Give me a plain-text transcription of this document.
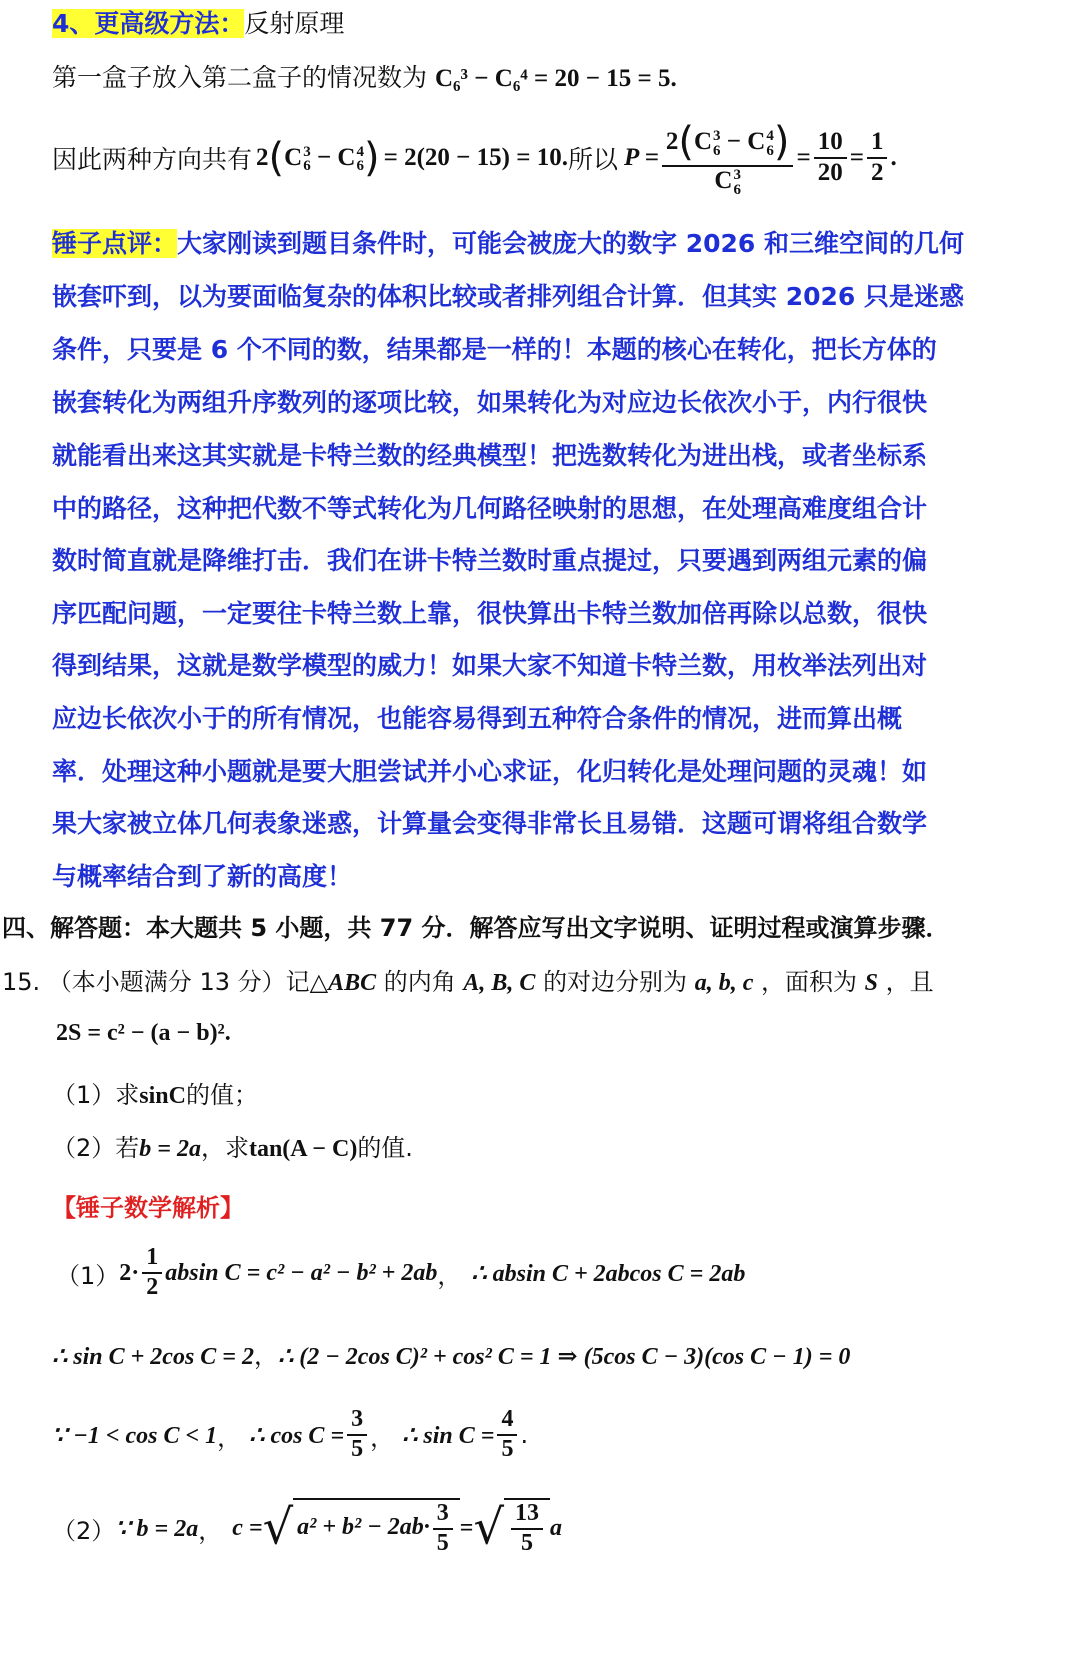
4、更高级方法：反射原理
第一盒子放入第二盒子的情况数为 C₆³ − C₆⁴ = 20 − 15 = 5.
因此两种方向共有 2(C 3
6 − C 4
6 ) = 2(20 − 15) = 10. 所以 P = 2(C 3
6 − C 4
6 )
C 3
$6 = \frac{10}{20} = \frac{1}{2}$ .
锤子点评：大家刚读到题目条件时，可能会被庞大的数字 2026 和三维空间的几何
嵌套吓到，以为要面临复杂的体积比较或者排列组合计算．但其实 2026 只是迷惑
条件，只要是 6 个不同的数，结果都是一样的！本题的核心在转化，把长方体的
嵌套转化为两组升序数列的逐项比较，如果转化为对应边长依次小于，内行很快
就能看出来这其实就是卡特兰数的经典模型！把选数转化为进出栈，或者坐标系
中的路径，这种把代数不等式转化为几何路径映射的思想，在处理高难度组合计
数时简直就是降维打击．我们在讲卡特兰数时重点提过，只要遇到两组元素的偏
序匹配问题，一定要往卡特兰数上靠，很快算出卡特兰数加倍再除以总数，很快
得到结果，这就是数学模型的威力！如果大家不知道卡特兰数，用枚举法列出对
应边长依次小于的所有情况，也能容易得到五种符合条件的情况，进而算出概
率．处理这种小题就是要大胆尝试并小心求证，化归转化是处理问题的灵魂！如
果大家被立体几何表象迷惑，计算量会变得非常长且易错．这题可谓将组合数学
与概率结合到了新的高度！
四、解答题：本大题共 5 小题，共 77 分．解答应写出文字说明、证明过程或演算步骤．
15. （本小题满分 13 分）记△ABC 的内角 A, B, C 的对边分别为 a, b, c ，面积为 S ，且
2S = c² − (a − b)².
（1）求sinC的值；
（2）若b = 2a，求tan(A − C)的值.
【锤子数学解析】
（1） $2\cdot \frac{1}{2}$ absin C = c² − a² − b² + 2ab ， ∴ absin C + 2abcos C = 2ab
∴ sin C + 2cos C = 2，∴ (2 − 2cos C)² + cos² C = 1 ⇒ (5cos C − 3)(cos C − 1) = 0
∵ −1 < cos C < 1 ， ∴ $\cos C = \frac{3}{5}$ ， ∴ $\sin C = \frac{4}{5}$ .
（2） ∵ b = 2a ， c = √ $a^2 + b^2 - 2ab\cdot \frac{3}{5}$ = √ $\frac{13}{5}$ a
